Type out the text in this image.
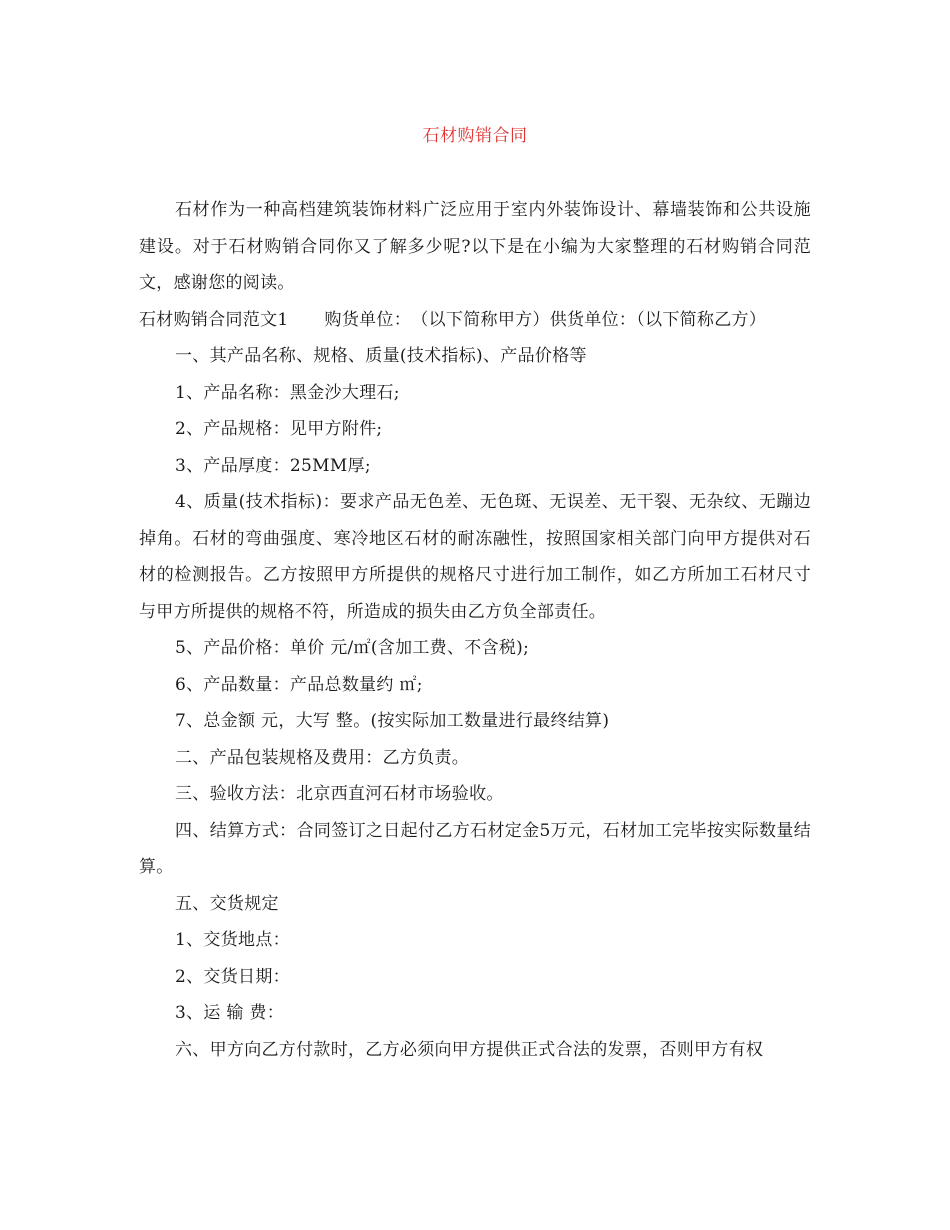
石材购销合同

石材作为一种高档建筑装饰材料广泛应用于室内外装饰设计、幕墙装饰和公共设施建设。对于石材购销合同你又了解多少呢?以下是在小编为大家整理的石材购销合同范文，感谢您的阅读。

石材购销合同范文1 购货单位：　（以下简称甲方）供货单位：（以下简称乙方）

一、其产品名称、规格、质量(技术指标)、产品价格等

1、产品名称：黑金沙大理石;

2、产品规格：见甲方附件;

3、产品厚度：25MM厚;

4、质量(技术指标)：要求产品无色差、无色斑、无误差、无干裂、无杂纹、无蹦边掉角。石材的弯曲强度、寒冷地区石材的耐冻融性，按照国家相关部门向甲方提供对石材的检测报告。乙方按照甲方所提供的规格尺寸进行加工制作，如乙方所加工石材尺寸与甲方所提供的规格不符，所造成的损失由乙方负全部责任。

5、产品价格：单价 元/㎡(含加工费、不含税);

6、产品数量：产品总数量约 ㎡;

7、总金额 元，大写 整。(按实际加工数量进行最终结算)

二、产品包装规格及费用：乙方负责。

三、验收方法：北京西直河石材市场验收。

四、结算方式：合同签订之日起付乙方石材定金5万元，石材加工完毕按实际数量结算。

五、交货规定

1、交货地点：

2、交货日期：

3、运 输 费：

六、甲方向乙方付款时，乙方必须向甲方提供正式合法的发票，否则甲方有权
